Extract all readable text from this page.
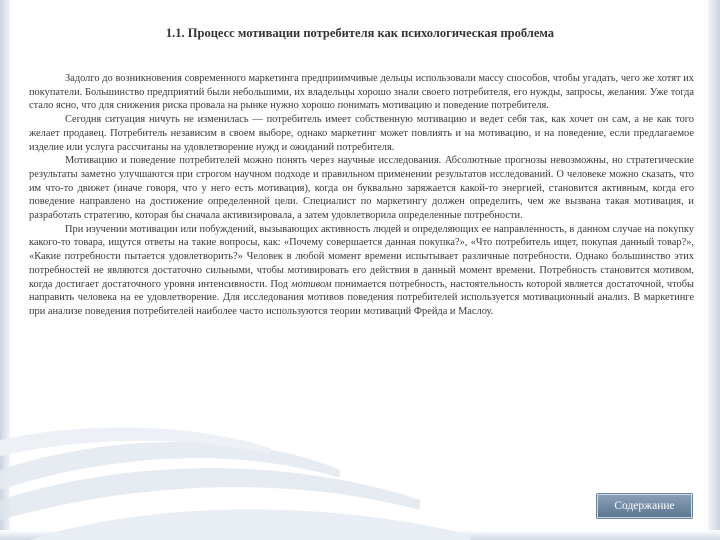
1.1. Процесс мотивации потребителя как психологическая проблема

Задолго до возникновения современного маркетинга предприимчивые дельцы использовали массу способов, чтобы угадать, чего же хотят их покупатели. Большинство предприятий были небольшими, их владельцы хорошо знали своего потребителя, его нужды, запросы, желания. Уже тогда стало ясно, что для снижения риска провала на рынке нужно хорошо понимать мотивацию и поведение потребителя.

Сегодня ситуация ничуть не изменилась — потребитель имеет собственную мотивацию и ведет себя так, как хочет он сам, а не как того желает продавец. Потребитель независим в своем выборе, однако маркетинг может повлиять и на мотивацию, и на поведение, если предлагаемое изделие или услуга рассчитаны на удовлетворение нужд и ожиданий потребителя.

Мотивацию и поведение потребителей можно понять через научные исследования. Абсолютные прогнозы невозможны, но стратегические результаты заметно улучшаются при строгом научном подходе и правильном применении результатов исследований. О человеке можно сказать, что им что-то движет (иначе говоря, что у него есть мотивация), когда он буквально заряжается какой-то энергией, становится активным, когда его поведение направлено на достижение определенной цели. Специалист по маркетингу должен определить, чем же вызвана такая мотивация, и разработать стратегию, которая бы сначала активизировала, а затем удовлетворила определенные потребности.

При изучении мотивации или побуждений, вызывающих активность людей и определяющих ее направленность, в данном случае на покупку какого-то товара, ищутся ответы на такие вопросы, как: «Почему совершается данная покупка?», «Что потребитель ищет, покупая данный товар?», «Какие потребности пытается удовлетворить?» Человек в любой момент времени испытывает различные потребности. Однако большинство этих потребностей не являются достаточно сильными, чтобы мотивировать его действия в данный момент времени. Потребность становится мотивом, когда достигает достаточного уровня интенсивности. Под мотивом понимается потребность, настоятельность которой является достаточной, чтобы направить человека на ее удовлетворение. Для исследования мотивов поведения потребителей используется мотивационный анализ. В маркетинге при анализе поведения потребителей наиболее часто используются теории мотиваций Фрейда и Маслоу.

Содержание
